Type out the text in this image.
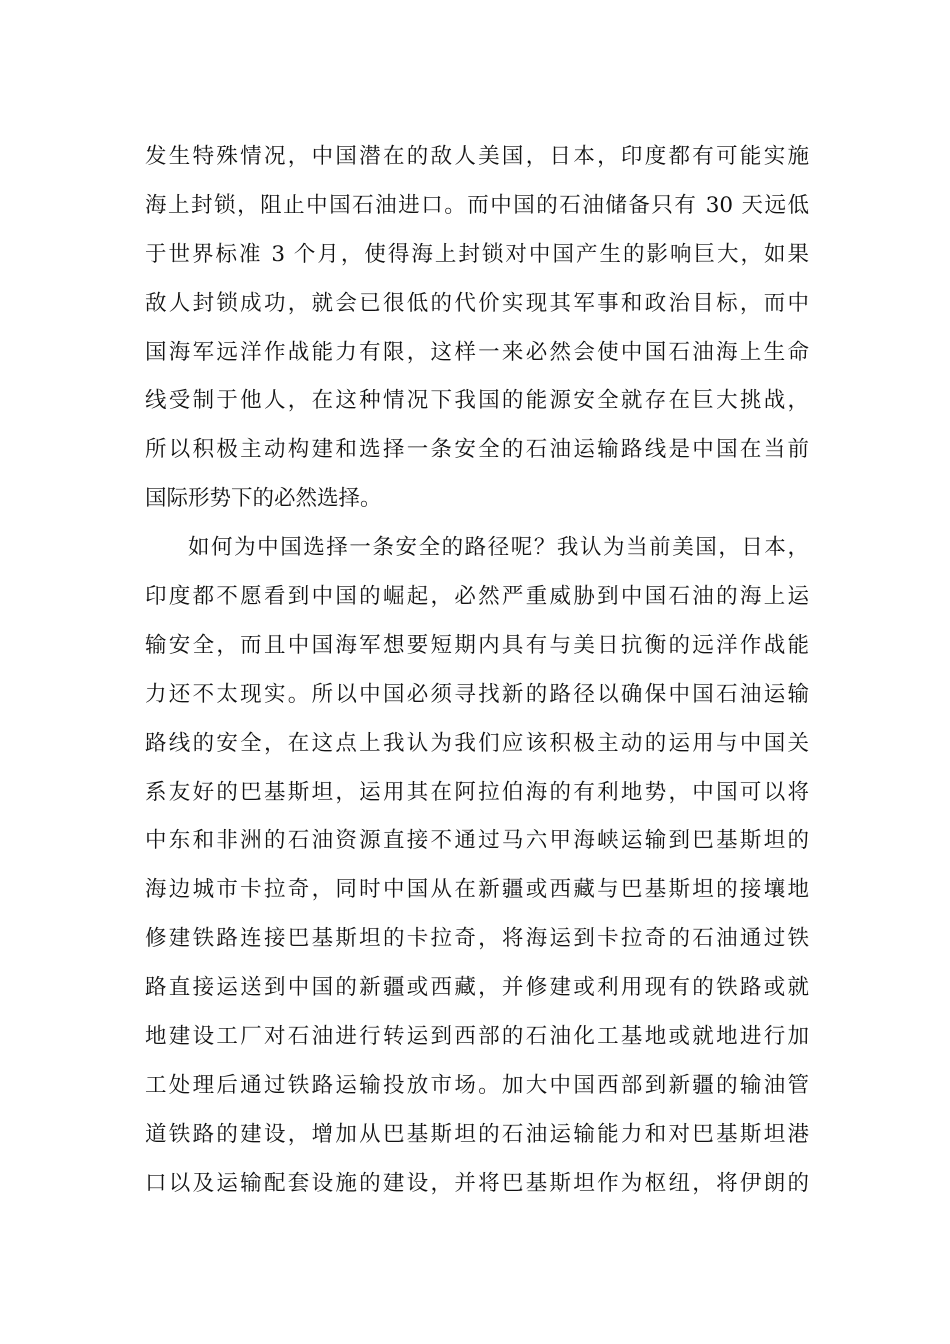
发生特殊情况，中国潜在的敌人美国，日本，印度都有可能实施
海上封锁，阻止中国石油进口。而中国的石油储备只有 30 天远低
于世界标准 3 个月，使得海上封锁对中国产生的影响巨大，如果
敌人封锁成功，就会已很低的代价实现其军事和政治目标，而中
国海军远洋作战能力有限，这样一来必然会使中国石油海上生命
线受制于他人，在这种情况下我国的能源安全就存在巨大挑战，
所以积极主动构建和选择一条安全的石油运输路线是中国在当前
国际形势下的必然选择。
如何为中国选择一条安全的路径呢？我认为当前美国，日本，
印度都不愿看到中国的崛起，必然严重威胁到中国石油的海上运
输安全，而且中国海军想要短期内具有与美日抗衡的远洋作战能
力还不太现实。所以中国必须寻找新的路径以确保中国石油运输
路线的安全，在这点上我认为我们应该积极主动的运用与中国关
系友好的巴基斯坦，运用其在阿拉伯海的有利地势，中国可以将
中东和非洲的石油资源直接不通过马六甲海峡运输到巴基斯坦的
海边城市卡拉奇，同时中国从在新疆或西藏与巴基斯坦的接壤地
修建铁路连接巴基斯坦的卡拉奇，将海运到卡拉奇的石油通过铁
路直接运送到中国的新疆或西藏，并修建或利用现有的铁路或就
地建设工厂对石油进行转运到西部的石油化工基地或就地进行加
工处理后通过铁路运输投放市场。加大中国西部到新疆的输油管
道铁路的建设，增加从巴基斯坦的石油运输能力和对巴基斯坦港
口以及运输配套设施的建设，并将巴基斯坦作为枢纽，将伊朗的
